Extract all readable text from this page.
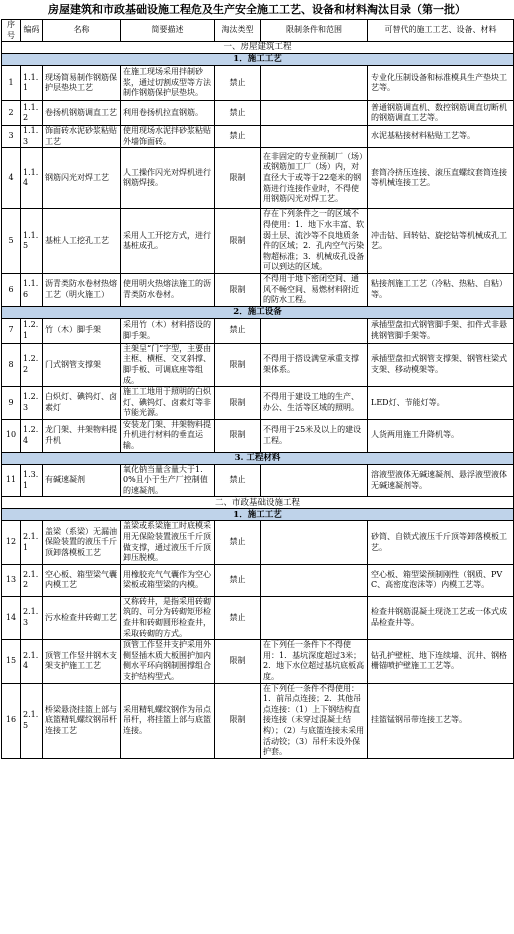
房屋建筑和市政基础设施工程危及生产安全施工工艺、设备和材料淘汰目录（第一批）
序号	编码	名称	简要描述	淘汰类型	限制条件和范围	可替代的施工工艺、设备、材料
一、房屋建筑工程						
1．施工工艺						
1	1.1.1	现场简易制作钢筋保护层垫块工艺	在施工现场采用拌制砂浆，通过切割成型等方法制作钢筋保护层垫块。	禁止		专业化压制设备和标准模具生产垫块工艺等。
2	1.1.2	卷扬机钢筋调直工艺	利用卷扬机拉直钢筋。	禁止		普通钢筋调直机、数控钢筋调直切断机的钢筋调直工艺等。
3	1.1.3	饰面砖水泥砂浆粘贴工艺	使用现场水泥拌砂浆粘贴外墙饰面砖。	禁止		水泥基粘接材料粘贴工艺等。
4	1.1.4	钢筋闪光对焊工艺	人工操作闪光对焊机进行钢筋焊接。	限制	在非固定的专业预制厂（场）或钢筋加工厂（场）内，对直径大于或等于22毫米的钢筋进行连接作业时，不得使用钢筋闪光对焊工艺。	套筒冷挤压连接、滚压直螺纹套筒连接等机械连接工艺。
5	1.1.5	基桩人工挖孔工艺	采用人工开挖方式，进行基桩成孔。	限制	存在下列条件之一的区域不得使用：1．地下水丰富、软弱土层、流沙等不良地质条件的区域；2．孔内空气污染物超标准；3．机械成孔设备可以到达的区域。	冲击钻、回转钻、旋挖钻等机械成孔工艺。
6	1.1.6	沥青类防水卷材热熔工艺（明火施工）	使用明火热熔法施工的沥青类防水卷材。	限制	不得用于地下密闭空间、通风不畅空间、易燃材料附近的防水工程。	粘接剂施工工艺（冷粘、热粘、自粘）等。
2．施工设备						
7	1.2.1	竹（木）脚手架	采用竹（木）材料搭设的脚手架。	禁止		承插型盘扣式钢管脚手架、扣件式非悬挑钢管脚手架等。
8	1.2.2	门式钢管支撑架	主架呈“门”字型，主要由主框、横框、交叉斜撑、脚手板、可调底座等组成。	限制	不得用于搭设满堂承重支撑架体系。	承插型盘扣式钢管支撑架、钢管柱梁式支架、移动模架等。
9	1.2.3	白炽灯、碘钨灯、卤素灯	施工工地用于照明的白炽灯、碘钨灯、卤素灯等非节能光源。	限制	不得用于建设工地的生产、办公、生活等区域的照明。	LED灯、节能灯等。
10	1.2.4	龙门架、井架物料提升机	安装龙门架、井架物料提升机进行材料的垂直运输。	限制	不得用于25米及以上的建设工程。	人货两用施工升降机等。
3. 工程材料						
11	1.3.1	有碱速凝剂	氧化钠当量含量大于1.0%且小于生产厂控制值的速凝剂。	禁止		溶液型液体无碱速凝剂、悬浮液型液体无碱速凝剂等。
二、市政基础设施工程						
1．施工工艺						
12	2.1.1	盖梁（系梁）无漏油保险装置的液压千斤顶卸落模板工艺	盖梁或系梁施工时底模采用无保险装置液压千斤顶做支撑，通过液压千斤顶卸压脱模。	禁止		砂筒、自锁式液压千斤顶等卸落模板工艺。
13	2.1.2	空心板、箱型梁气囊内模工艺	用橡胶充气气囊作为空心梁板或箱型梁的内模。	禁止		空心板、箱型梁预制刚性（钢质、PVC、高密度泡沫等）内模工艺等。
14	2.1.3	污水检查井砖砌工艺	又称砖井，是指采用砖砌筑的、可分为砖砌矩形检查井和砖砌圆形检查井，采取砖砌的方式。	禁止		检查井钢筋混凝土现浇工艺或一体式成品检查井等。
15	2.1.4	顶管工作竖井钢木支架支护施工工艺	顶管工作竖井支护采用外侧竖插木质大板围护加内侧水平环向钢制围撑组合支护结构型式。	限制	在下列任一条件下不得使用：1．基坑深度超过3米；2．地下水位超过基坑底板高度。	钻孔护壁桩、地下连续墙、沉井、钢格栅锚喷护壁施工工艺等。
16	2.1.5	桥梁悬浇挂篮上部与底篮精轧螺纹钢吊杆连接工艺	采用精轧螺纹钢作为吊点吊杆，将挂篮上部与底篮连接。	限制	在下列任一条件不得使用：1．前吊点连接；2．其他吊点连接：（1）上下钢结构直接连接（未穿过混凝土结构）；（2）与底篮连接未采用活动铰；（3）吊杆未设外保护套。	挂篮锰钢吊带连接工艺等。
